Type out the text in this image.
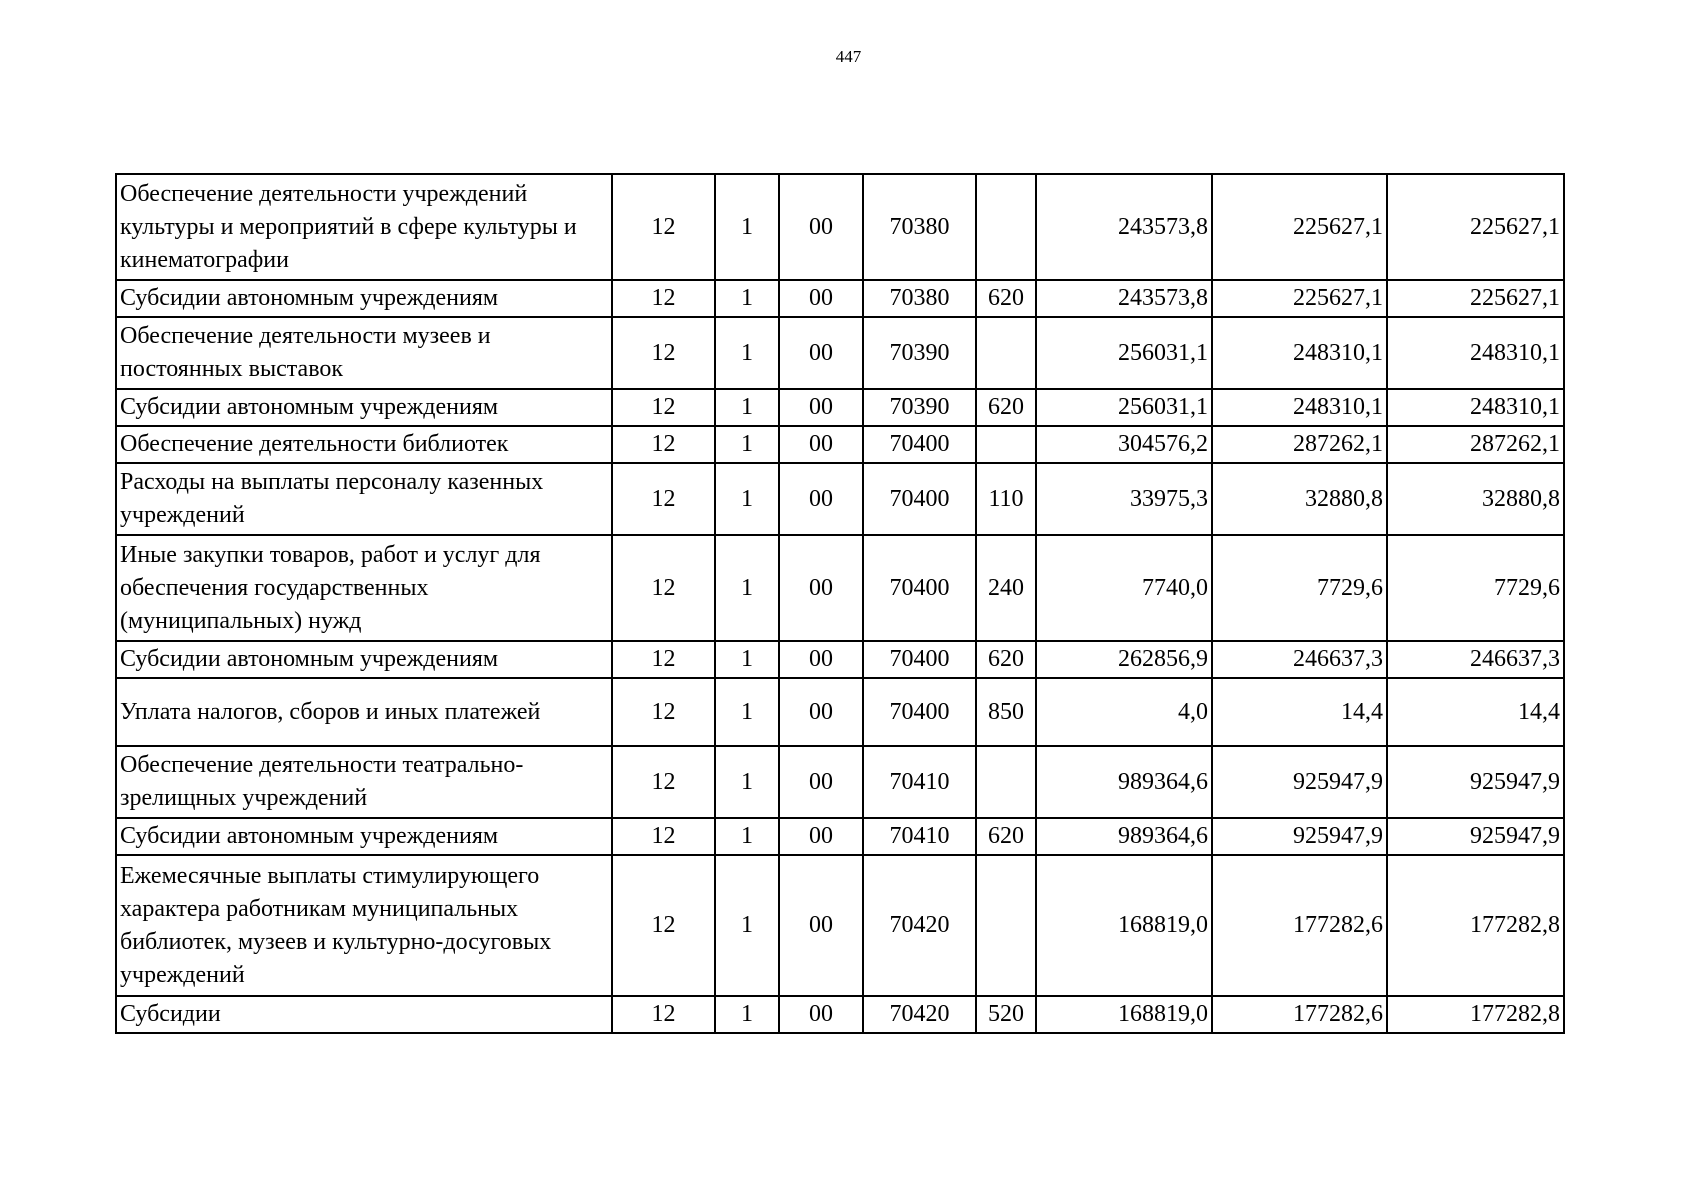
447
Обеспечение деятельности учреждений культуры и мероприятий в сфере культуры и кинематографии	12	1	00	70380		243573,8	225627,1	225627,1
Субсидии автономным учреждениям	12	1	00	70380	620	243573,8	225627,1	225627,1
Обеспечение деятельности музеев и постоянных выставок	12	1	00	70390		256031,1	248310,1	248310,1
Субсидии автономным учреждениям	12	1	00	70390	620	256031,1	248310,1	248310,1
Обеспечение деятельности библиотек	12	1	00	70400		304576,2	287262,1	287262,1
Расходы на выплаты персоналу казенных учреждений	12	1	00	70400	110	33975,3	32880,8	32880,8
Иные закупки товаров, работ и услуг для обеспечения государственных (муниципальных) нужд	12	1	00	70400	240	7740,0	7729,6	7729,6
Субсидии автономным учреждениям	12	1	00	70400	620	262856,9	246637,3	246637,3
Уплата налогов, сборов и иных платежей	12	1	00	70400	850	4,0	14,4	14,4
Обеспечение деятельности театрально-зрелищных учреждений	12	1	00	70410		989364,6	925947,9	925947,9
Субсидии автономным учреждениям	12	1	00	70410	620	989364,6	925947,9	925947,9
Ежемесячные выплаты стимулирующего характера работникам муниципальных библиотек, музеев и культурно-досуговых учреждений	12	1	00	70420		168819,0	177282,6	177282,8
Субсидии	12	1	00	70420	520	168819,0	177282,6	177282,8
